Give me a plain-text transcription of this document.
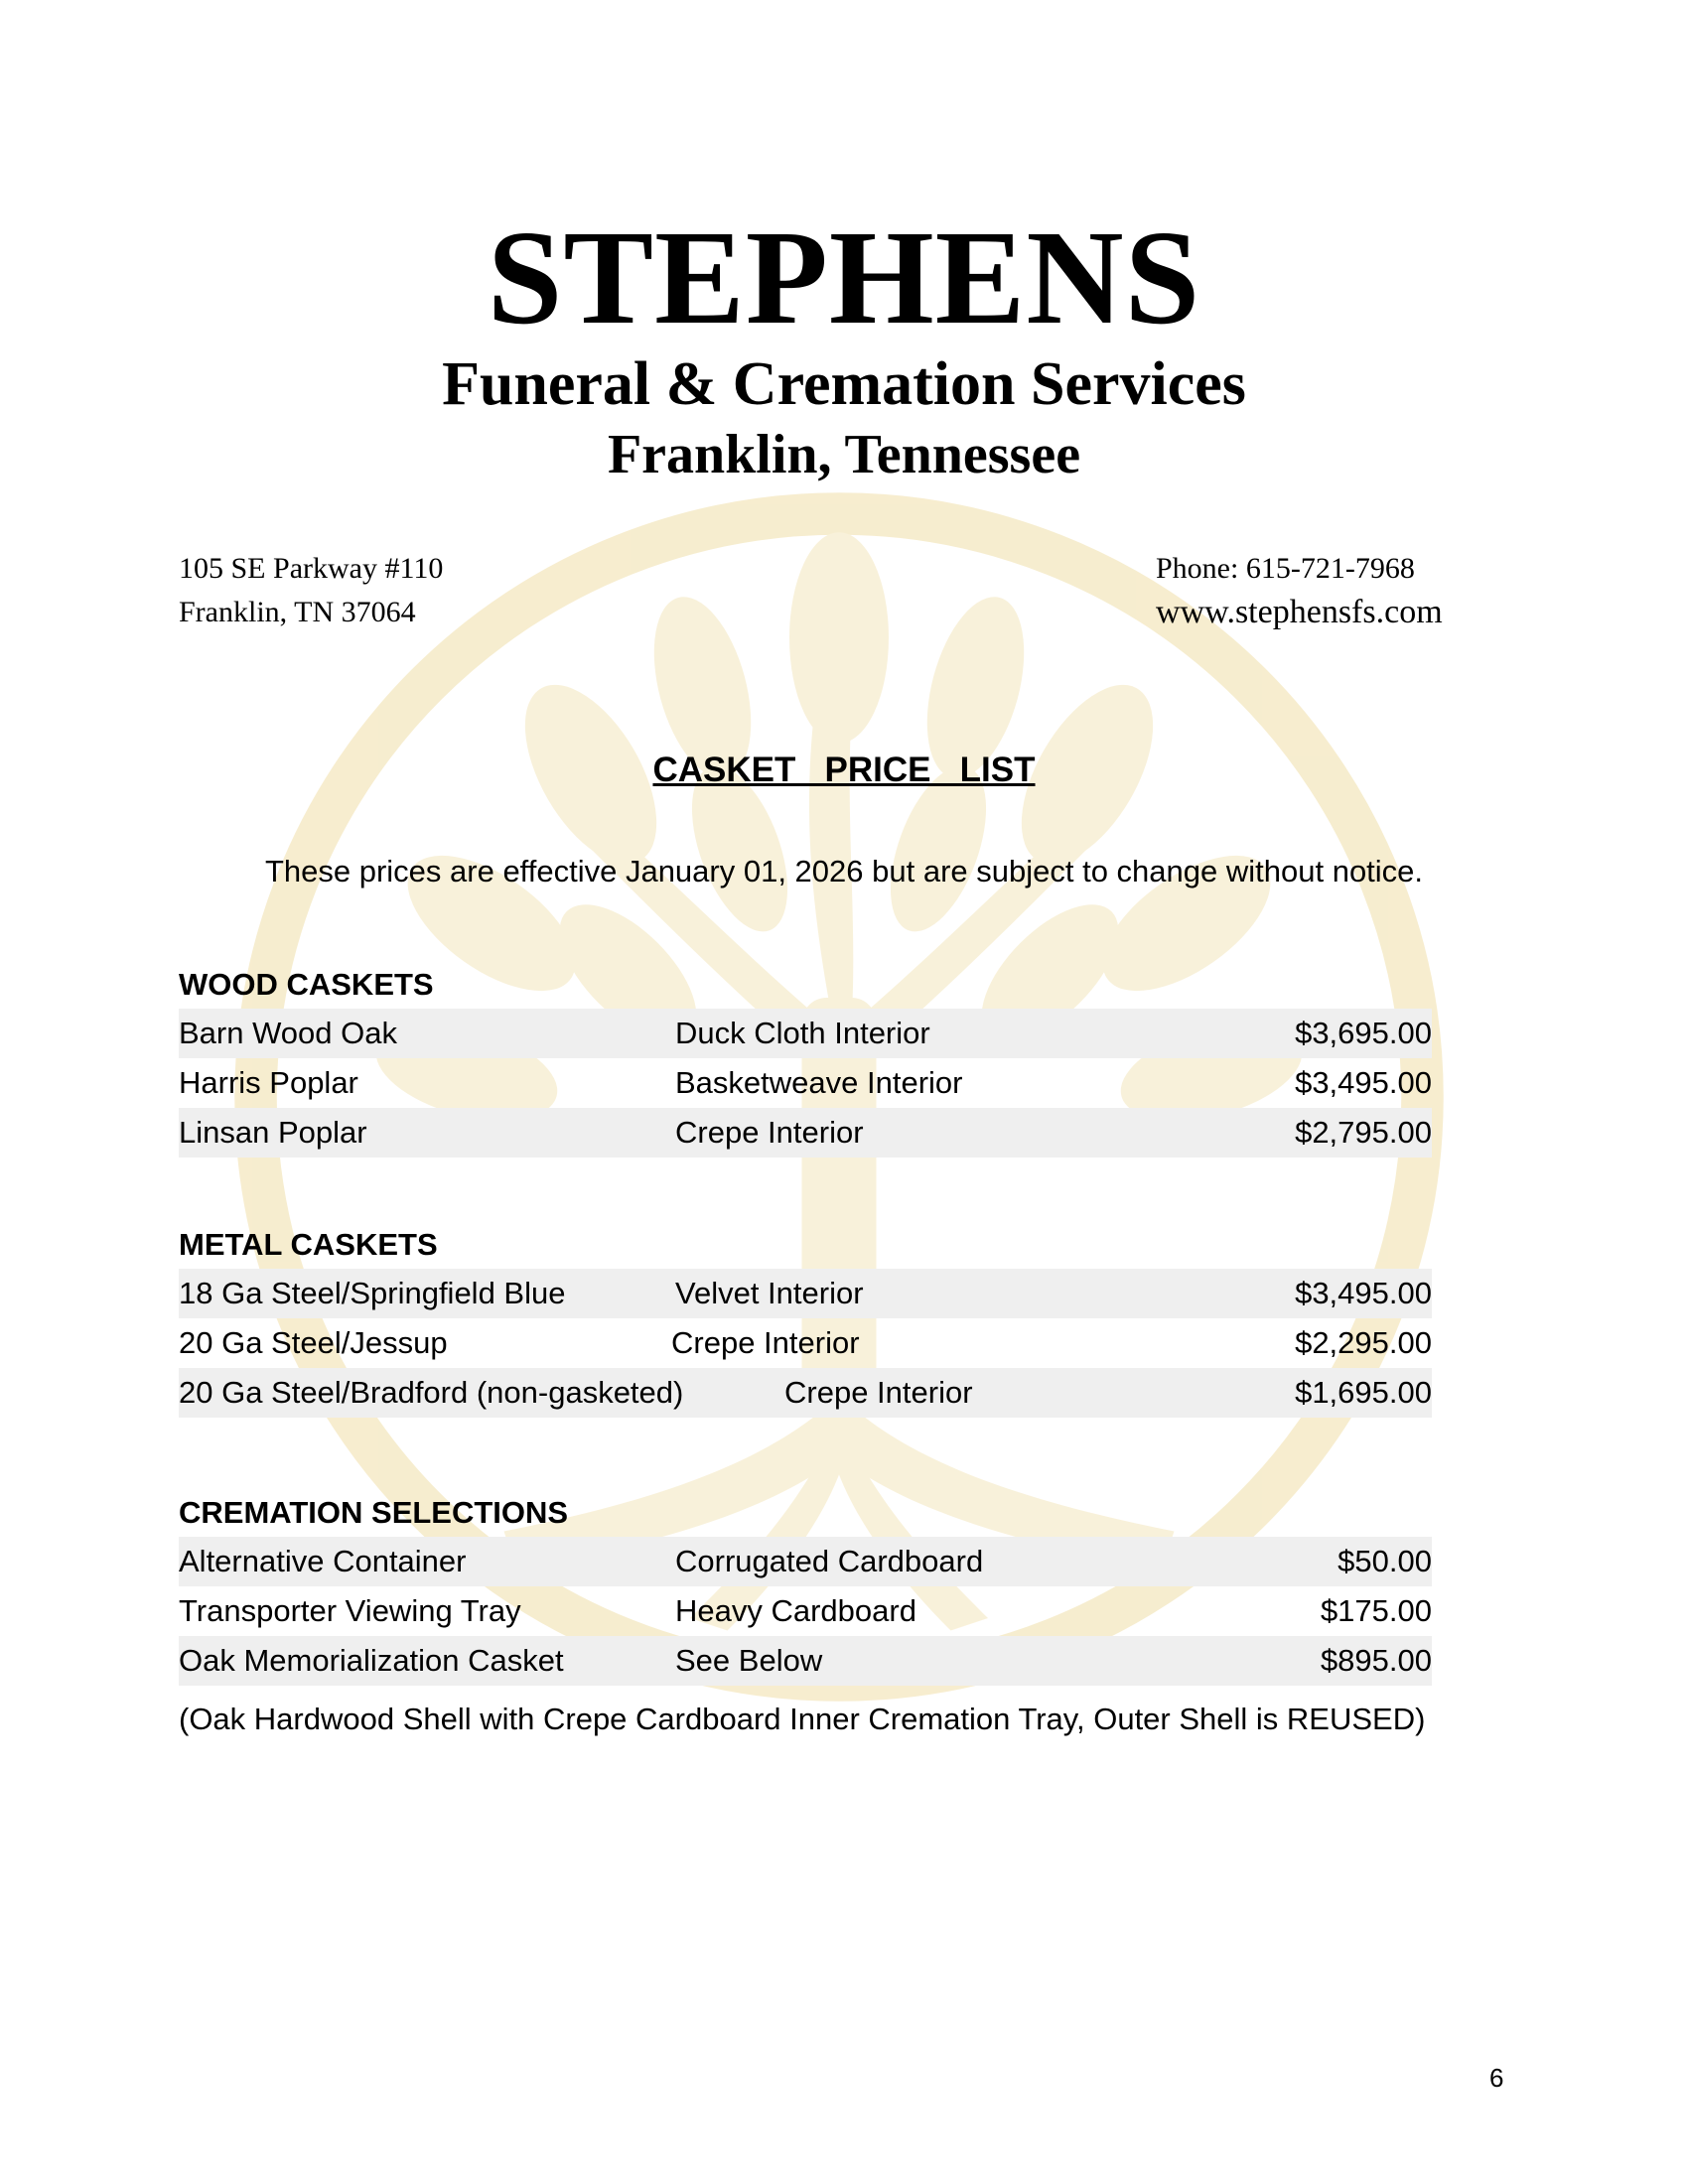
STEPHENS
Funeral & Cremation Services
Franklin, Tennessee
105 SE Parkway #110
Franklin, TN 37064
Phone: 615-721-7968
www.stephensfs.com
CASKET   PRICE   LIST
These prices are effective January 01, 2026 but are subject to change without notice.
WOOD CASKETS
Barn Wood Oak	Duck Cloth Interior	$3,695.00
Harris Poplar	Basketweave Interior	$3,495.00
Linsan Poplar	Crepe Interior	$2,795.00
METAL CASKETS
18 Ga Steel/Springfield Blue	Velvet Interior	$3,495.00
20 Ga Steel/Jessup	Crepe Interior	$2,295.00
20 Ga Steel/Bradford (non-gasketed)	Crepe Interior	$1,695.00
CREMATION SELECTIONS
Alternative Container	Corrugated Cardboard	$50.00
Transporter Viewing Tray	Heavy Cardboard	$175.00
Oak Memorialization Casket	See Below	$895.00
(Oak Hardwood Shell with Crepe Cardboard Inner Cremation Tray, Outer Shell is REUSED)
6
